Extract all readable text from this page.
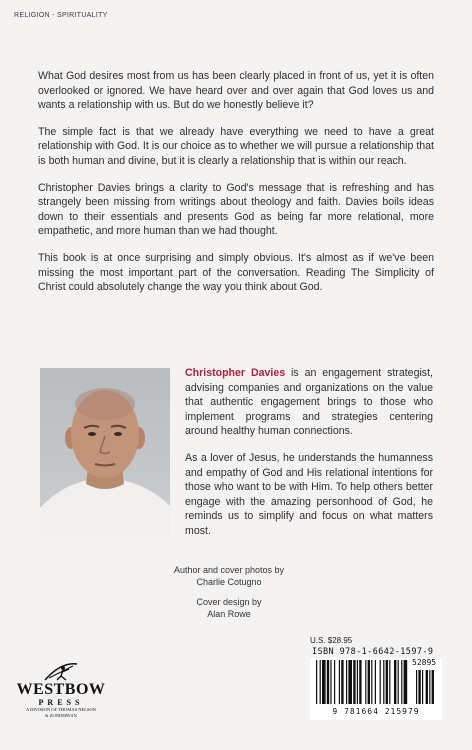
RELIGION - SPIRITUALITY

What God desires most from us has been clearly placed in front of us, yet it is often overlooked or ignored. We have heard over and over again that God loves us and wants a relationship with us. But do we honestly believe it?

The simple fact is that we already have everything we need to have a great relationship with God. It is our choice as to whether we will pursue a relationship that is both human and divine, but it is clearly a relationship that is within our reach.

Christopher Davies brings a clarity to God's message that is refreshing and has strangely been missing from writings about theology and faith. Davies boils ideas down to their essentials and presents God as being far more relational, more empathetic, and more human than we had thought.

This book is at once surprising and simply obvious. It's almost as if we've been missing the most important part of the conversation. Reading The Simplicity of Christ could absolutely change the way you think about God.

Christopher Davies is an engagement strategist, advising companies and organizations on the value that authentic engagement brings to those who implement programs and strategies centering around healthy human connections.

As a lover of Jesus, he understands the humanness and empathy of God and His relational intentions for those who want to be with Him. To help others better engage with the amazing personhood of God, he reminds us to simplify and focus on what matters most.

Author and cover photos by
Charlie Cotugno
Cover design by
Alan Rowe
WESTBOW
PRESS
A DIVISION OF THOMAS NELSON
& ZONDERVAN
U.S. $28.95
ISBN 978-1-6642-1597-9
52895
9 781664 215979
